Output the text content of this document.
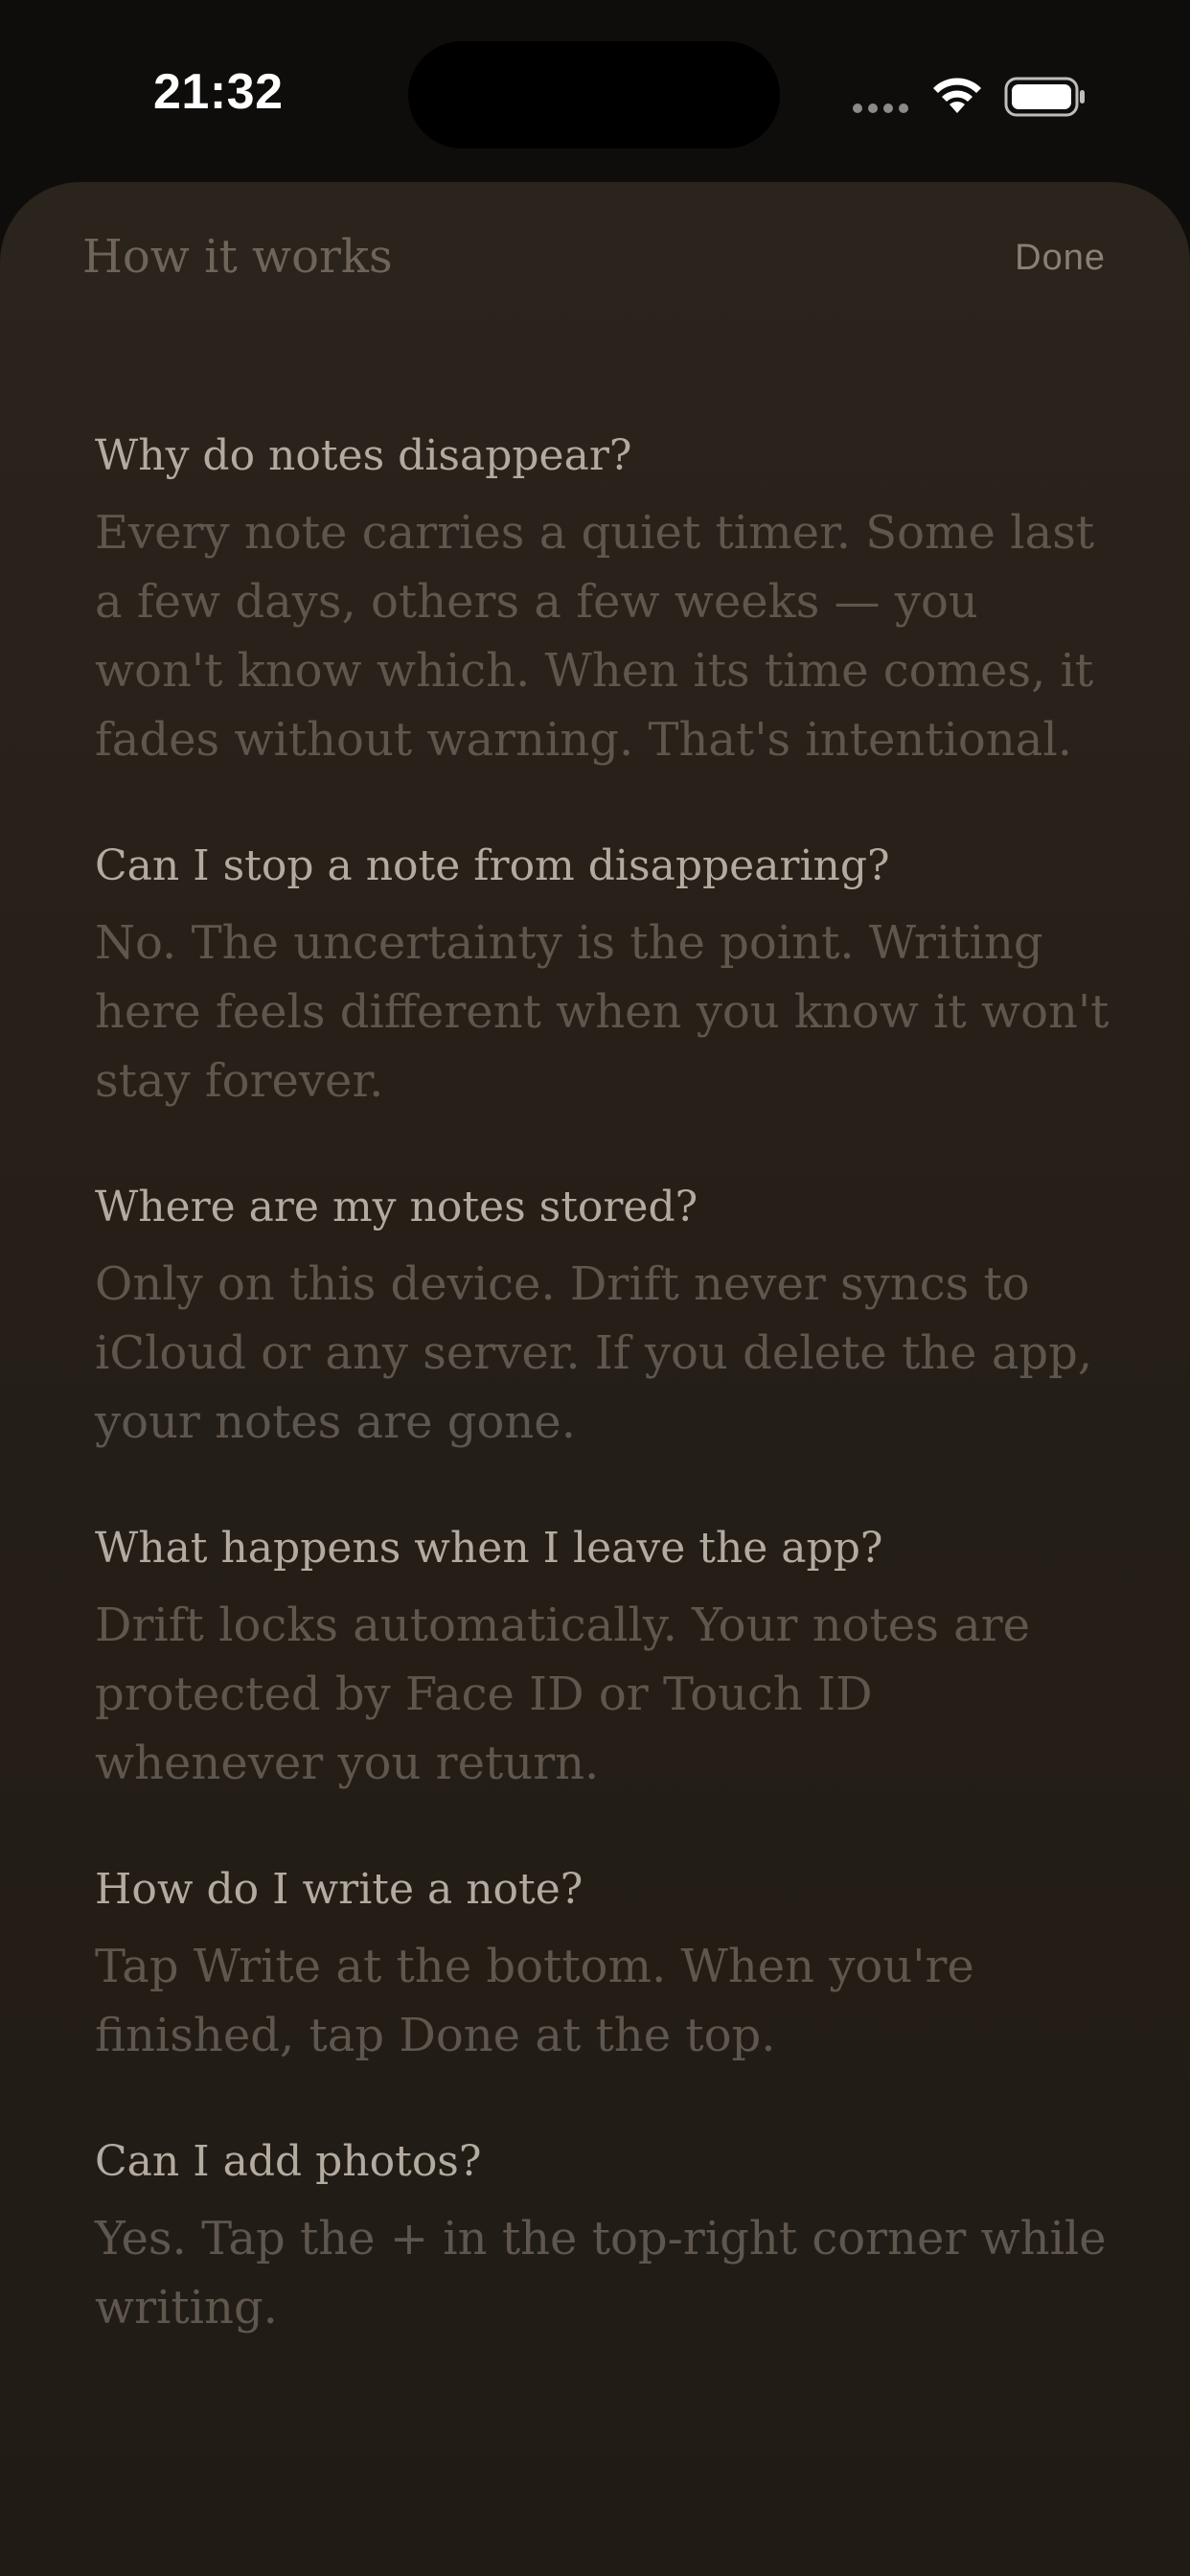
21:32
How it works	Done
Why do notes disappear?

Every note carries a quiet timer. Some last a few days, others a few weeks — you won't know which. When its time comes, it fades without warning. That's intentional.

Can I stop a note from disappearing?

No. The uncertainty is the point. Writing here feels different when you know it won't stay forever.

Where are my notes stored?

Only on this device. Drift never syncs to iCloud or any server. If you delete the app, your notes are gone.

What happens when I leave the app?

Drift locks automatically. Your notes are protected by Face ID or Touch ID whenever you return.

How do I write a note?

Tap Write at the bottom. When you're finished, tap Done at the top.

Can I add photos?

Yes. Tap the + in the top-right corner while writing.
